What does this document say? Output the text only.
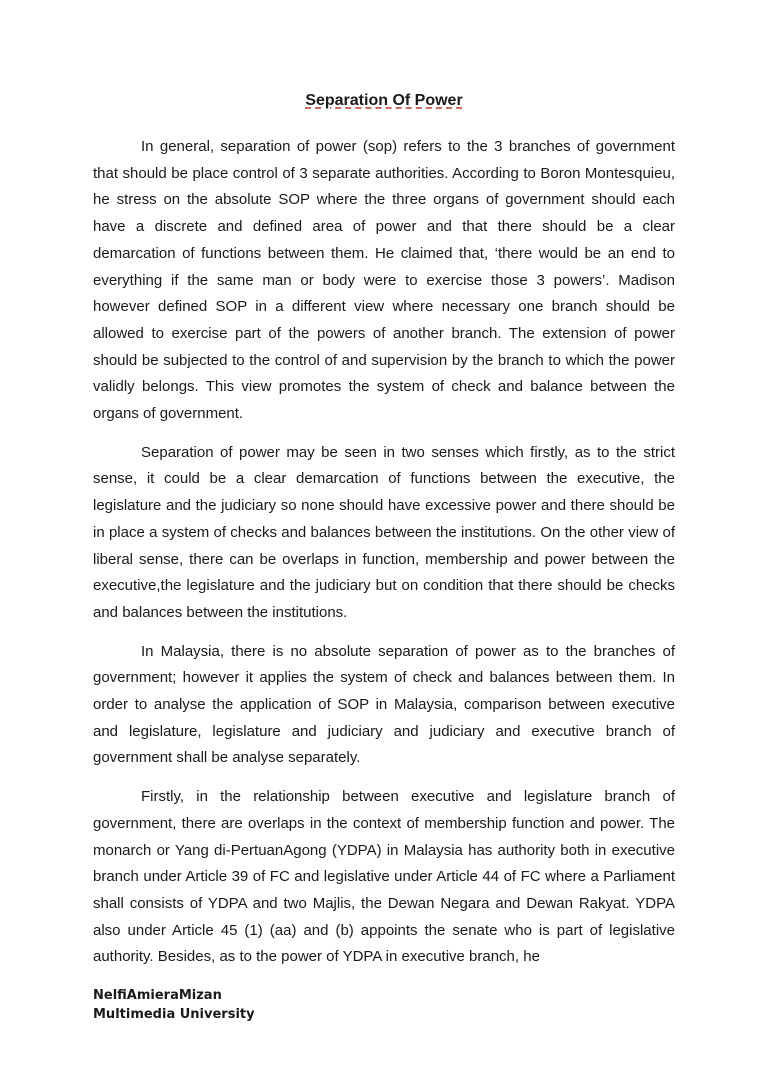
Separation Of Power

In general, separation of power (sop) refers to the 3 branches of government that should be place control of 3 separate authorities. According to Boron Montesquieu, he stress on the absolute SOP where the three organs of government should each have a discrete and defined area of power and that there should be a clear demarcation of functions between them. He claimed that, ‘there would be an end to everything if the same man or body were to exercise those 3 powers’. Madison however defined SOP in a different view where necessary one branch should be allowed to exercise part of the powers of another branch. The extension of power should be subjected to the control of and supervision by the branch to which the power validly belongs. This view promotes the system of check and balance between the organs of government.

Separation of power may be seen in two senses which firstly, as to the strict sense, it could be a clear demarcation of functions between the executive, the legislature and the judiciary so none should have excessive power and there should be in place a system of checks and balances between the institutions. On the other view of liberal sense, there can be overlaps in function, membership and power between the executive,the legislature and the judiciary but on condition that there should be checks and balances between the institutions.

In Malaysia, there is no absolute separation of power as to the branches of government; however it applies the system of check and balances between them. In order to analyse the application of SOP in Malaysia, comparison between executive and legislature, legislature and judiciary and judiciary and executive branch of government shall be analyse separately.

Firstly, in the relationship between executive and legislature branch of government, there are overlaps in the context of membership function and power. The monarch or Yang di-PertuanAgong (YDPA) in Malaysia has authority both in executive branch under Article 39 of FC and legislative under Article 44 of FC where a Parliament shall consists of YDPA and two Majlis, the Dewan Negara and Dewan Rakyat. YDPA also under Article 45 (1) (aa) and (b) appoints the senate who is part of legislative authority. Besides, as to the power of YDPA in executive branch, he

NelfiAmieraMizan
Multimedia University
